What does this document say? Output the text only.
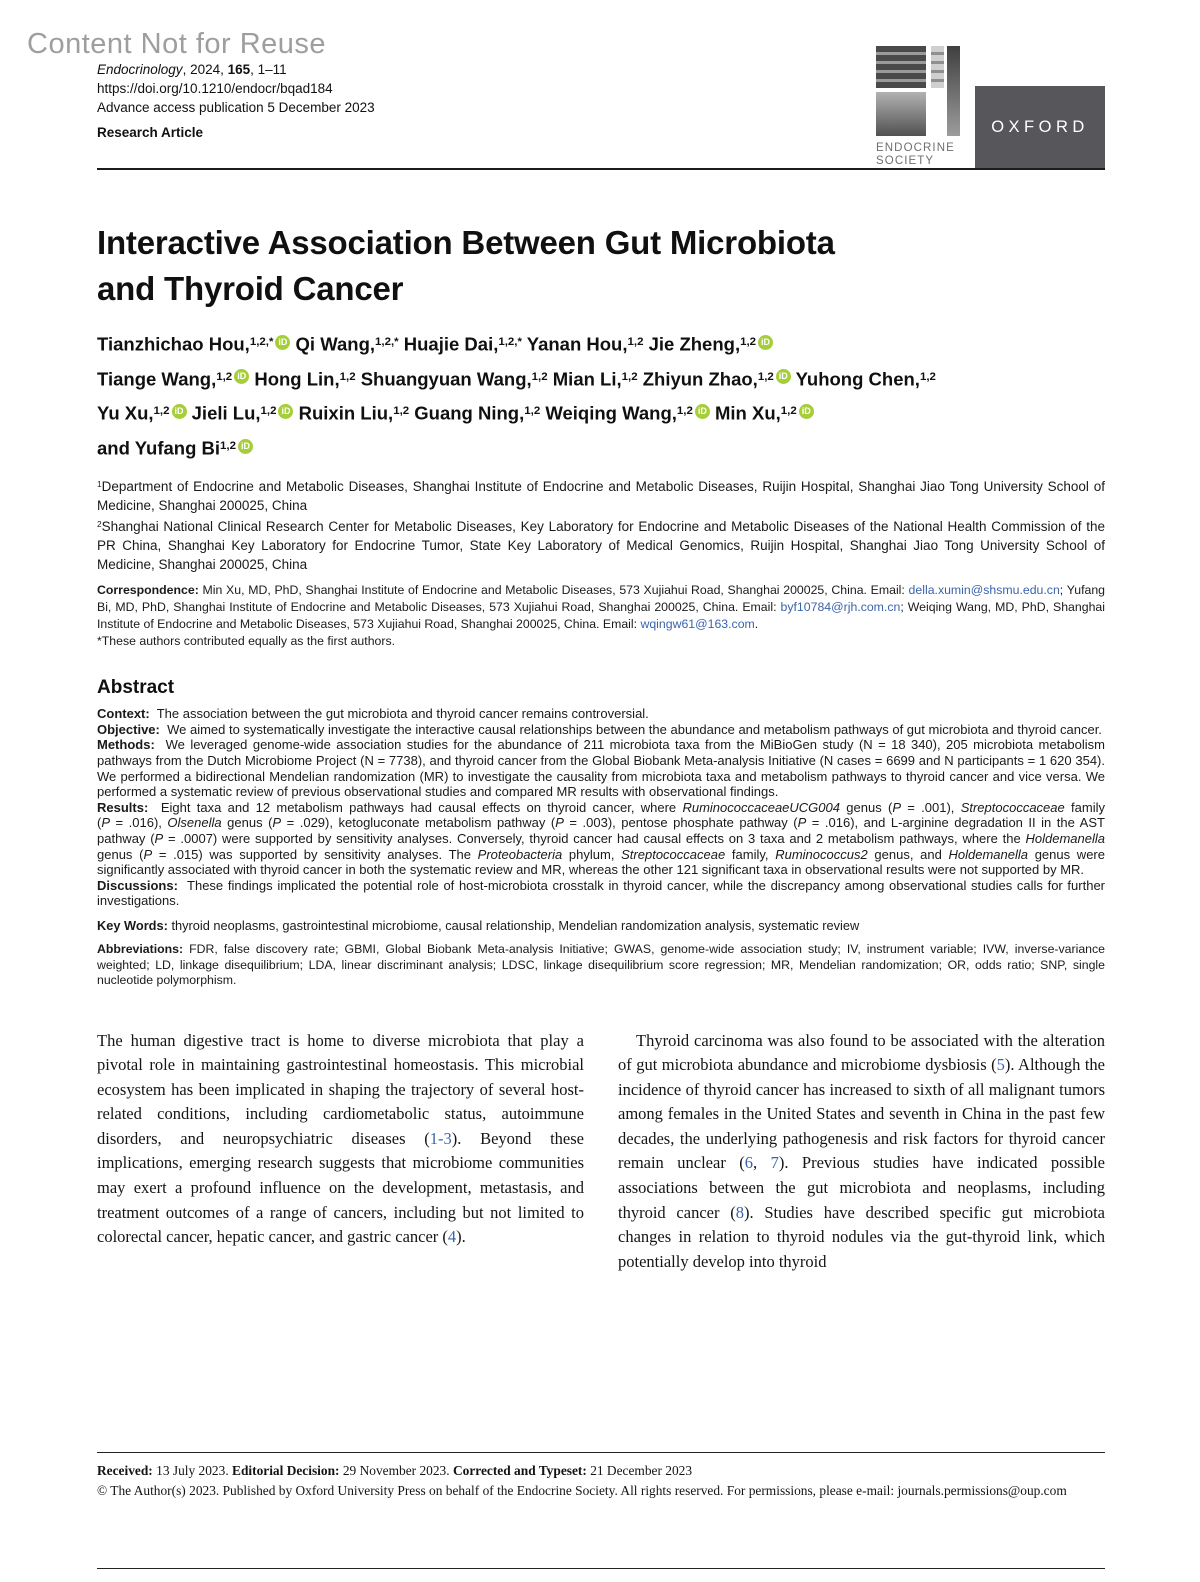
Content Not for Reuse
ENDOCRINE
SOCIETY
OXFORD
Endocrinology, 2024, 165, 1–11
https://doi.org/10.1210/endocr/bqad184
Advance access publication 5 December 2023
Research Article
Interactive Association Between Gut Microbiota
and Thyroid Cancer
Tianzhichao Hou,$^{1,2,*}$ iD Qi Wang,$^{1,2,*}$ Huajie Dai,$^{1,2,*}$ Yanan Hou,$^{1,2}$ Jie Zheng,$^{1,2}$ iD
Tiange Wang,$^{1,2}$ iD Hong Lin,$^{1,2}$ Shuangyuan Wang,$^{1,2}$ Mian Li,$^{1,2}$ Zhiyun Zhao,$^{1,2}$ iD Yuhong Chen,$^{1,2}$
Yu Xu,$^{1,2}$ iD Jieli Lu,$^{1,2}$ iD Ruixin Liu,$^{1,2}$ Guang Ning,$^{1,2}$ Weiqing Wang,$^{1,2}$ iD Min Xu,$^{1,2}$ iD
and Yufang Bi$^{1,2}$ iD

$^1$Department of Endocrine and Metabolic Diseases, Shanghai Institute of Endocrine and Metabolic Diseases, Ruijin Hospital, Shanghai Jiao Tong University School of Medicine, Shanghai 200025, China

$^2$Shanghai National Clinical Research Center for Metabolic Diseases, Key Laboratory for Endocrine and Metabolic Diseases of the National Health Commission of the PR China, Shanghai Key Laboratory for Endocrine Tumor, State Key Laboratory of Medical Genomics, Ruijin Hospital, Shanghai Jiao Tong University School of Medicine, Shanghai 200025, China

Correspondence: Min Xu, MD, PhD, Shanghai Institute of Endocrine and Metabolic Diseases, 573 Xujiahui Road, Shanghai 200025, China. Email: della.xumin@shsmu.edu.cn; Yufang Bi, MD, PhD, Shanghai Institute of Endocrine and Metabolic Diseases, 573 Xujiahui Road, Shanghai 200025, China. Email: byf10784@rjh.com.cn; Weiqing Wang, MD, PhD, Shanghai Institute of Endocrine and Metabolic Diseases, 573 Xujiahui Road, Shanghai 200025, China. Email: wqingw61@163.com.

*These authors contributed equally as the first authors.

Abstract

Context:  The association between the gut microbiota and thyroid cancer remains controversial.

Objective:  We aimed to systematically investigate the interactive causal relationships between the abundance and metabolism pathways of gut microbiota and thyroid cancer.

Methods:  We leveraged genome-wide association studies for the abundance of 211 microbiota taxa from the MiBioGen study (N = 18 340), 205 microbiota metabolism pathways from the Dutch Microbiome Project (N = 7738), and thyroid cancer from the Global Biobank Meta-analysis Initiative (N cases = 6699 and N participants = 1 620 354). We performed a bidirectional Mendelian randomization (MR) to investigate the causality from microbiota taxa and metabolism pathways to thyroid cancer and vice versa. We performed a systematic review of previous observational studies and compared MR results with observational findings.

Results:  Eight taxa and 12 metabolism pathways had causal effects on thyroid cancer, where RuminococcaceaeUCG004 genus (P = .001), Streptococcaceae family (P = .016), Olsenella genus (P = .029), ketogluconate metabolism pathway (P = .003), pentose phosphate pathway (P = .016), and L-arginine degradation II in the AST pathway (P = .0007) were supported by sensitivity analyses. Conversely, thyroid cancer had causal effects on 3 taxa and 2 metabolism pathways, where the Holdemanella genus (P = .015) was supported by sensitivity analyses. The Proteobacteria phylum, Streptococcaceae family, Ruminococcus2 genus, and Holdemanella genus were significantly associated with thyroid cancer in both the systematic review and MR, whereas the other 121 significant taxa in observational results were not supported by MR.

Discussions:  These findings implicated the potential role of host-microbiota crosstalk in thyroid cancer, while the discrepancy among observational studies calls for further investigations.

Key Words: thyroid neoplasms, gastrointestinal microbiome, causal relationship, Mendelian randomization analysis, systematic review

Abbreviations: FDR, false discovery rate; GBMI, Global Biobank Meta-analysis Initiative; GWAS, genome-wide association study; IV, instrument variable; IVW, inverse-variance weighted; LD, linkage disequilibrium; LDA, linear discriminant analysis; LDSC, linkage disequilibrium score regression; MR, Mendelian randomization; OR, odds ratio; SNP, single nucleotide polymorphism.

The human digestive tract is home to diverse microbiota that play a pivotal role in maintaining gastrointestinal homeostasis. This microbial ecosystem has been implicated in shaping the trajectory of several host-related conditions, including cardiometabolic status, autoimmune disorders, and neuropsychiatric diseases (1-3). Beyond these implications, emerging research suggests that microbiome communities may exert a profound influence on the development, metastasis, and treatment outcomes of a range of cancers, including but not limited to colorectal cancer, hepatic cancer, and gastric cancer (4).
Thyroid carcinoma was also found to be associated with the alteration of gut microbiota abundance and microbiome dysbiosis (5). Although the incidence of thyroid cancer has increased to sixth of all malignant tumors among females in the United States and seventh in China in the past few decades, the underlying pathogenesis and risk factors for thyroid cancer remain unclear (6, 7). Previous studies have indicated possible associations between the gut microbiota and neoplasms, including thyroid cancer (8). Studies have described specific gut microbiota changes in relation to thyroid nodules via the gut-thyroid link, which potentially develop into thyroid

Received: 13 July 2023. Editorial Decision: 29 November 2023. Corrected and Typeset: 21 December 2023

© The Author(s) 2023. Published by Oxford University Press on behalf of the Endocrine Society. All rights reserved. For permissions, please e-mail: journals.permissions@oup.com
